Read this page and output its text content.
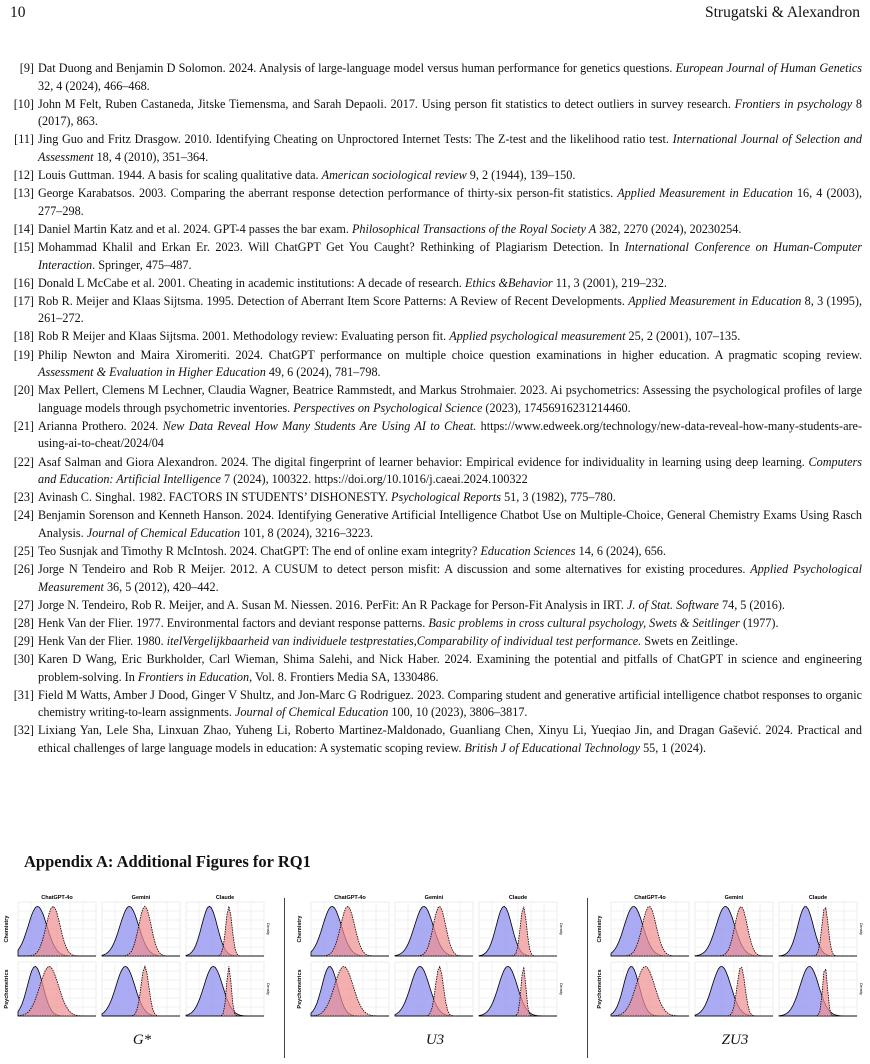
10	Strugatski & Alexandron
[9] Dat Duong and Benjamin D Solomon. 2024. Analysis of large-language model versus human performance for genetics questions. European Journal of Human Genetics 32, 4 (2024), 466–468.
[10] John M Felt, Ruben Castaneda, Jitske Tiemensma, and Sarah Depaoli. 2017. Using person fit statistics to detect outliers in survey research. Frontiers in psychology 8 (2017), 863.
[11] Jing Guo and Fritz Drasgow. 2010. Identifying Cheating on Unproctored Internet Tests: The Z-test and the likelihood ratio test. International Journal of Selection and Assessment 18, 4 (2010), 351–364.
[12] Louis Guttman. 1944. A basis for scaling qualitative data. American sociological review 9, 2 (1944), 139–150.
[13] George Karabatsos. 2003. Comparing the aberrant response detection performance of thirty-six person-fit statistics. Applied Measurement in Education 16, 4 (2003), 277–298.
[14] Daniel Martin Katz and et al. 2024. GPT-4 passes the bar exam. Philosophical Transactions of the Royal Society A 382, 2270 (2024), 20230254.
[15] Mohammad Khalil and Erkan Er. 2023. Will ChatGPT Get You Caught? Rethinking of Plagiarism Detection. In International Conference on Human-Computer Interaction. Springer, 475–487.
[16] Donald L McCabe et al. 2001. Cheating in academic institutions: A decade of research. Ethics &Behavior 11, 3 (2001), 219–232.
[17] Rob R. Meijer and Klaas Sijtsma. 1995. Detection of Aberrant Item Score Patterns: A Review of Recent Developments. Applied Measurement in Education 8, 3 (1995), 261–272.
[18] Rob R Meijer and Klaas Sijtsma. 2001. Methodology review: Evaluating person fit. Applied psychological measurement 25, 2 (2001), 107–135.
[19] Philip Newton and Maira Xiromeriti. 2024. ChatGPT performance on multiple choice question examinations in higher education. A pragmatic scoping review. Assessment & Evaluation in Higher Education 49, 6 (2024), 781–798.
[20] Max Pellert, Clemens M Lechner, Claudia Wagner, Beatrice Rammstedt, and Markus Strohmaier. 2023. Ai psychometrics: Assessing the psychological profiles of large language models through psychometric inventories. Perspectives on Psychological Science (2023), 17456916231214460.
[21] Arianna Prothero. 2024. New Data Reveal How Many Students Are Using AI to Cheat. https://www.edweek.org/technology/new-data-reveal-how-many-students-are-using-ai-to-cheat/2024/04
[22] Asaf Salman and Giora Alexandron. 2024. The digital fingerprint of learner behavior: Empirical evidence for individuality in learning using deep learning. Computers and Education: Artificial Intelligence 7 (2024), 100322. https://doi.org/10.1016/j.caeai.2024.100322
[23] Avinash C. Singhal. 1982. FACTORS IN STUDENTS’ DISHONESTY. Psychological Reports 51, 3 (1982), 775–780.
[24] Benjamin Sorenson and Kenneth Hanson. 2024. Identifying Generative Artificial Intelligence Chatbot Use on Multiple-Choice, General Chemistry Exams Using Rasch Analysis. Journal of Chemical Education 101, 8 (2024), 3216–3223.
[25] Teo Susnjak and Timothy R McIntosh. 2024. ChatGPT: The end of online exam integrity? Education Sciences 14, 6 (2024), 656.
[26] Jorge N Tendeiro and Rob R Meijer. 2012. A CUSUM to detect person misfit: A discussion and some alternatives for existing procedures. Applied Psychological Measurement 36, 5 (2012), 420–442.
[27] Jorge N. Tendeiro, Rob R. Meijer, and A. Susan M. Niessen. 2016. PerFit: An R Package for Person-Fit Analysis in IRT. J. of Stat. Software 74, 5 (2016).
[28] Henk Van der Flier. 1977. Environmental factors and deviant response patterns. Basic problems in cross cultural psychology, Swets & Seitlinger (1977).
[29] Henk Van der Flier. 1980. itelVergelijkbaarheid van individuele testprestaties,Comparability of individual test performance. Swets en Zeitlinge.
[30] Karen D Wang, Eric Burkholder, Carl Wieman, Shima Salehi, and Nick Haber. 2024. Examining the potential and pitfalls of ChatGPT in science and engineering problem-solving. In Frontiers in Education, Vol. 8. Frontiers Media SA, 1330486.
[31] Field M Watts, Amber J Dood, Ginger V Shultz, and Jon-Marc G Rodriguez. 2023. Comparing student and generative artificial intelligence chatbot responses to organic chemistry writing-to-learn assignments. Journal of Chemical Education 100, 10 (2023), 3806–3817.
[32] Lixiang Yan, Lele Sha, Linxuan Zhao, Yuheng Li, Roberto Martinez-Maldonado, Guanliang Chen, Xinyu Li, Yueqiao Jin, and Dragan Gašević. 2024. Practical and ethical challenges of large language models in education: A systematic scoping review. British J of Educational Technology 55, 1 (2024).
Appendix A: Additional Figures for RQ1
ChatGPT-4o	Gemini	Claude
Chemistry	Density
Psychometrics	Density
G*
ChatGPT-4o	Gemini	Claude
Chemistry	Density
Psychometrics	Density
U3
ChatGPT-4o	Gemini	Claude
Chemistry	Density
Psychometrics	Density
ZU3
